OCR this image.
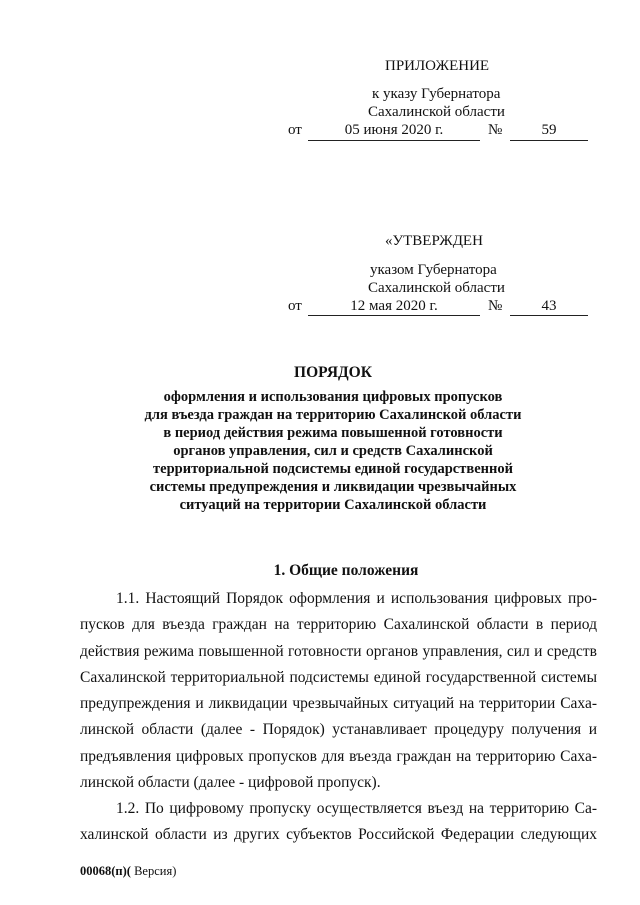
ПРИЛОЖЕНИЕ
к указу Губернатора
Сахалинской области
от	05 июня 2020 г.	№	59
«УТВЕРЖДЕН
указом Губернатора
Сахалинской области
от	12 мая 2020 г.	№	43
ПОРЯДОК
оформления и использования цифровых пропусков
для въезда граждан на территорию Сахалинской области
в период действия режима повышенной готовности
органов управления, сил и средств Сахалинской
территориальной подсистемы единой государственной
системы предупреждения и ликвидации чрезвычайных
ситуаций на территории Сахалинской области
1. Общие положения
1.1. Настоящий Порядок оформления и использования цифровых про-
пусков для въезда граждан на территорию Сахалинской области в период
действия режима повышенной готовности органов управления, сил и средств
Сахалинской территориальной подсистемы единой государственной системы
предупреждения и ликвидации чрезвычайных ситуаций на территории Саха-
линской области (далее - Порядок) устанавливает процедуру получения и
предъявления цифровых пропусков для въезда граждан на территорию Саха-
линской области (далее - цифровой пропуск).
1.2. По цифровому пропуску осуществляется въезд на территорию Са-
халинской области из других субъектов Российской Федерации следующих
00068(п)( Версия)
